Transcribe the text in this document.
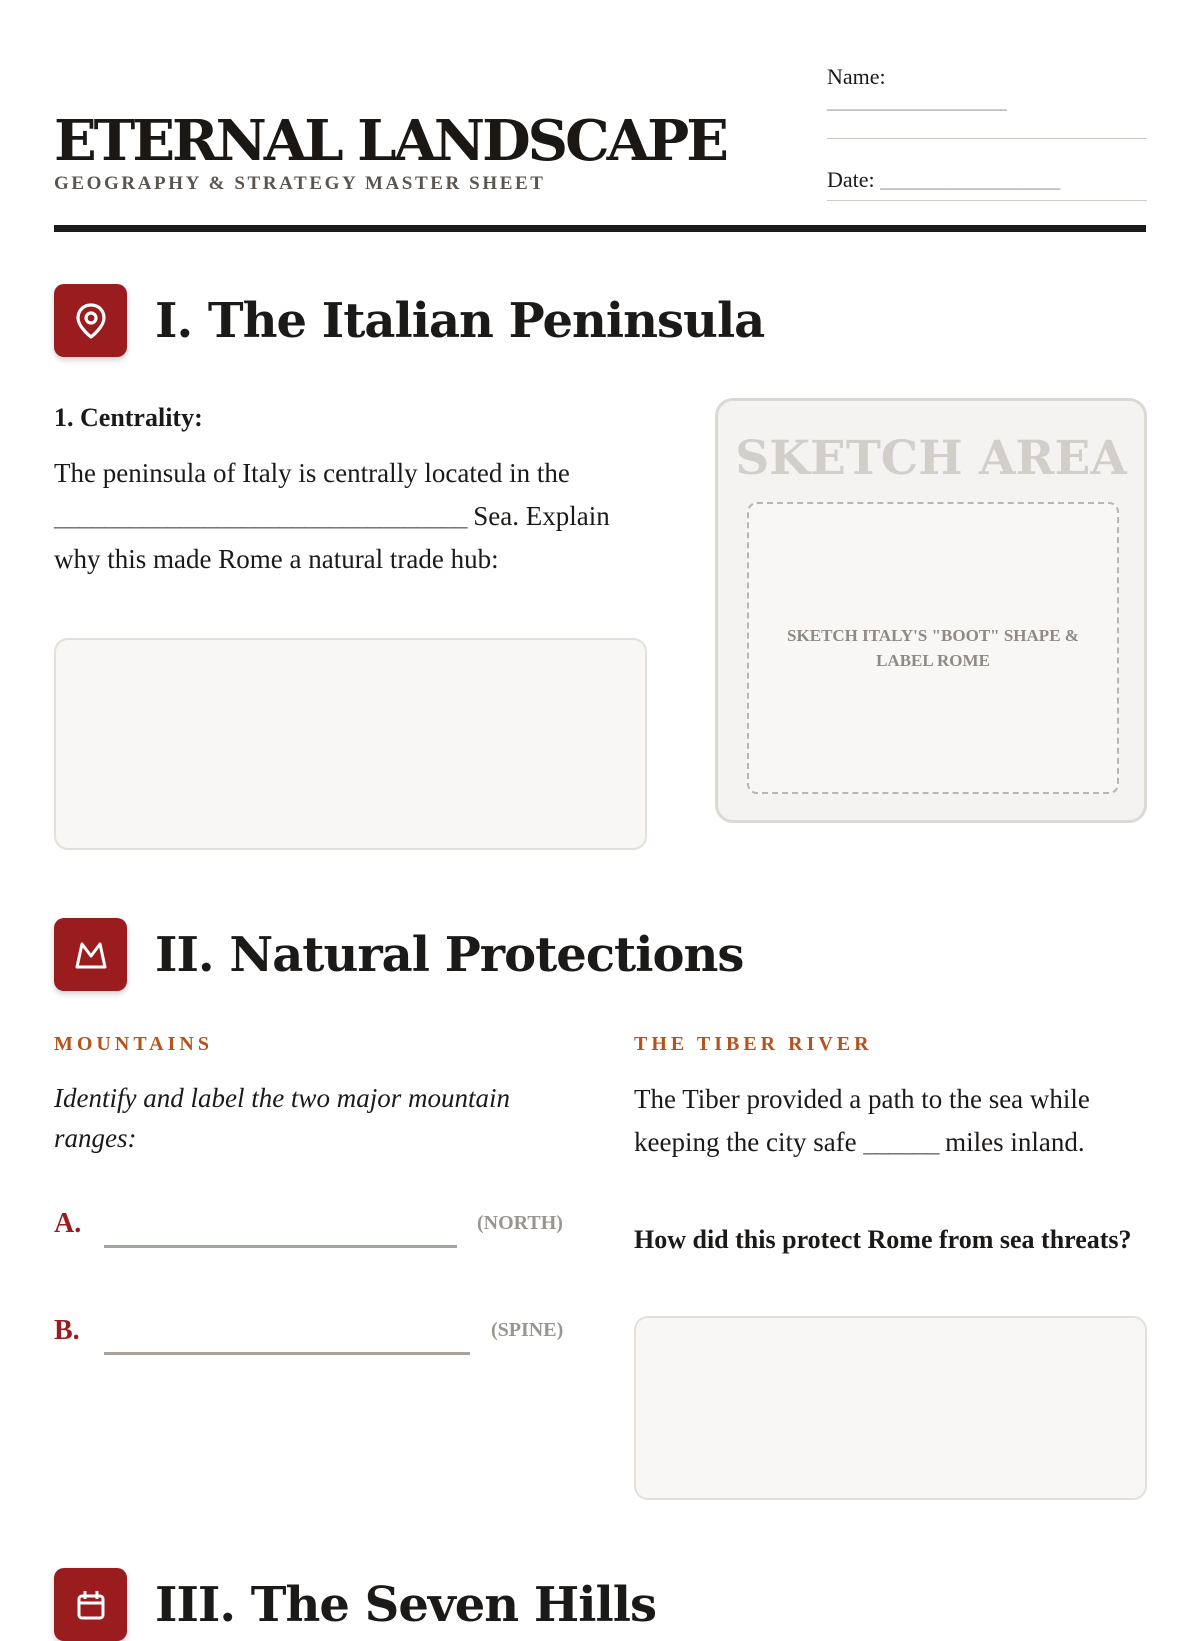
ETERNAL LANDSCAPE
GEOGRAPHY & STRATEGY MASTER SHEET
Name:
____________________
Date: ____________________
I. The Italian Peninsula
1. Centrality:
The peninsula of Italy is centrally located in the _________________________________ Sea. Explain why this made Rome a natural trade hub:
SKETCH AREA
SKETCH ITALY'S "BOOT" SHAPE & LABEL ROME
II. Natural Protections
MOUNTAINS
Identify and label the two major mountain ranges:
A.	(NORTH)
B.	(SPINE)
THE TIBER RIVER
The Tiber provided a path to the sea while keeping the city safe ______ miles inland.
How did this protect Rome from sea threats?
III. The Seven Hills
